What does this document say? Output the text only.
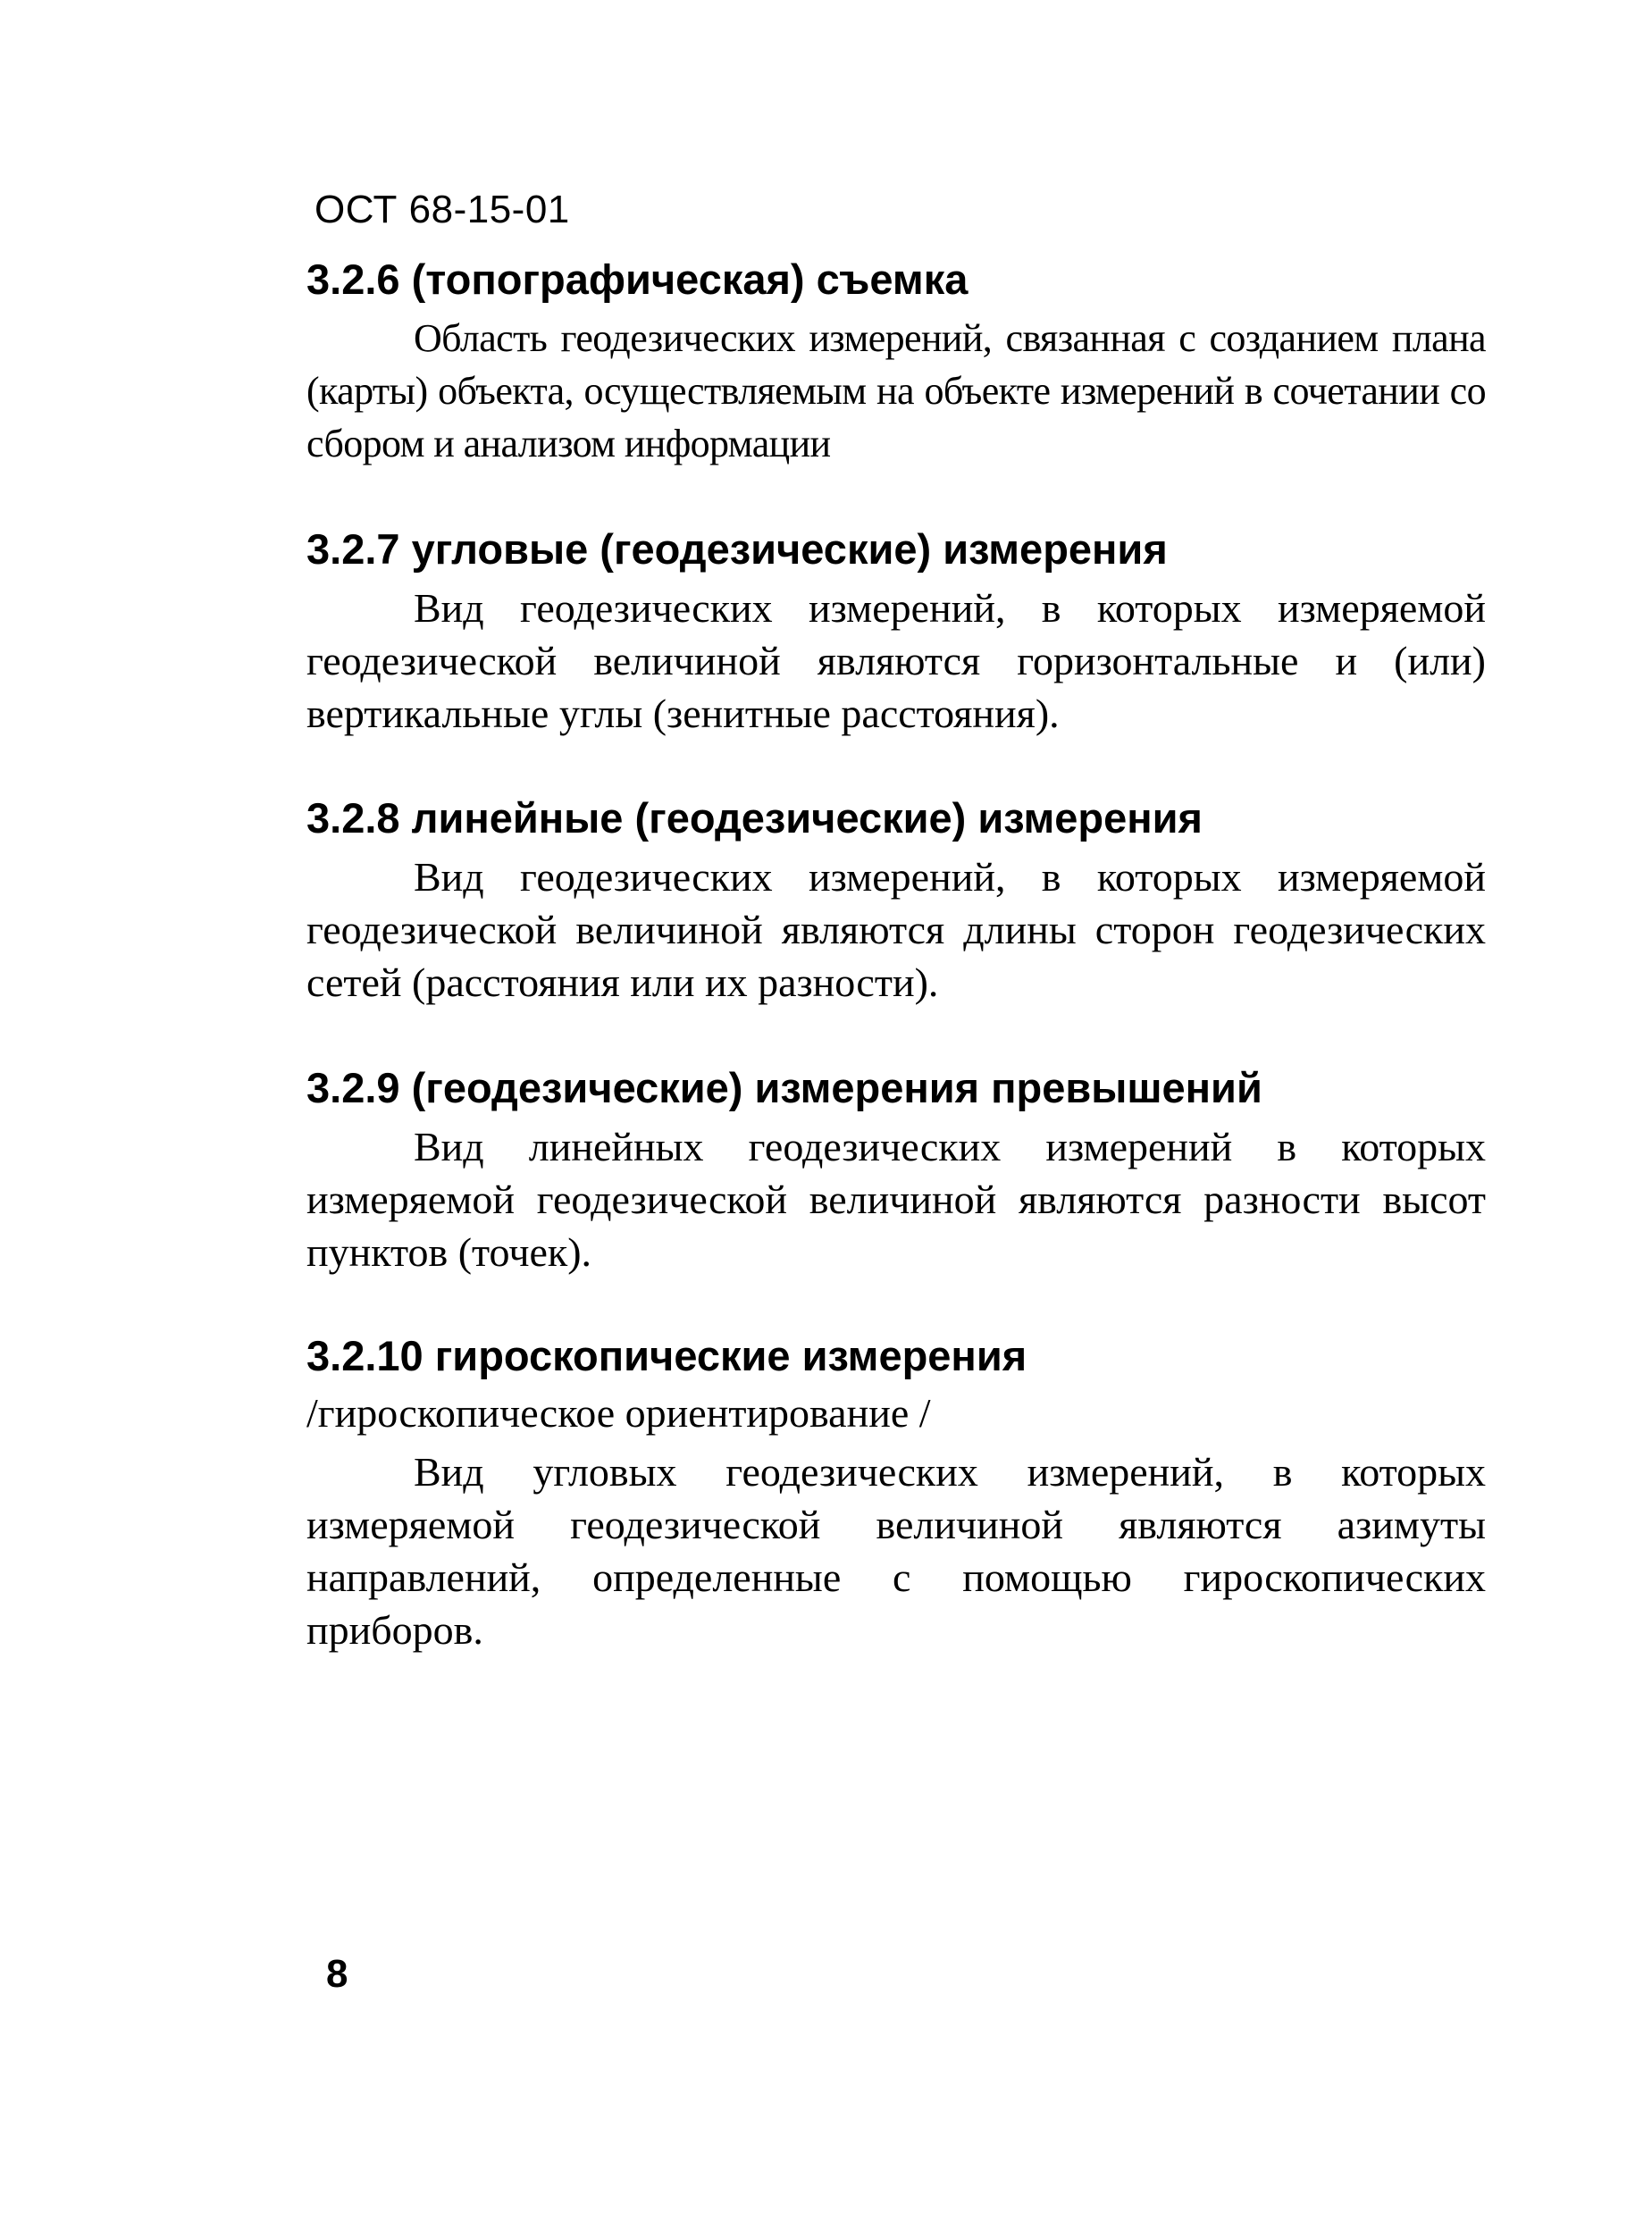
ОСТ 68-15-01

3.2.6 (топографическая) съемка

Область геодезических измерений, связанная с созданием плана (карты) объекта, осуществляемым на объекте измерений в сочетании со сбором и анализом информации

3.2.7 угловые (геодезические) измерения

Вид геодезических измерений, в которых измеряемой геодезической величиной являются горизонтальные и (или) вертикальные углы (зенитные расстояния).

3.2.8 линейные (геодезические) измерения

Вид геодезических измерений, в которых измеряемой геодезической величиной являются длины сторон геодезических сетей (расстояния или их разности).

3.2.9 (геодезические) измерения превышений

Вид линейных геодезических измерений в которых измеряемой геодезической величиной являются разности высот пунктов (точек).

3.2.10 гироскопические измерения

/гироскопическое ориентирование /

Вид угловых геодезических измерений, в которых измеряемой геодезической величиной являются азимуты направлений, определенные с помощью гироскопических приборов.

8
